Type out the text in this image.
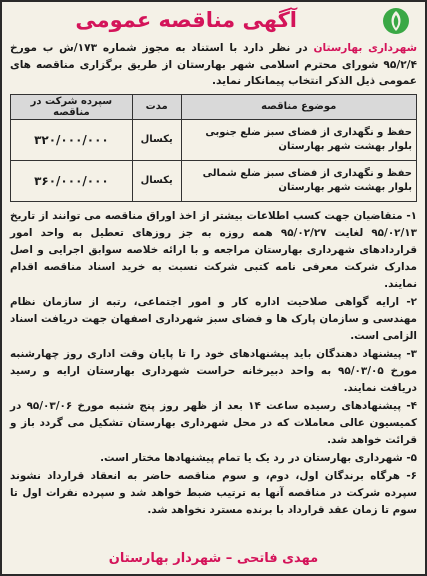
آگهی مناقصه عمومی
شهرداری بهارستان در نظر دارد با استناد به مجوز شماره ۱۷۳/ش ب مورخ ۹۵/۲/۴ شورای محترم اسلامی شهر بهارستان از طریق برگزاری مناقصه های عمومی ذیل الذکر انتخاب پیمانکار نماید.
موضوع مناقصه	مدت	سپرده شرکت در مناقصه
حفظ و نگهداری از فضای سبز ضلع جنوبی بلوار بهشت شهر بهارستان	یکسال	۳۲۰/۰۰۰/۰۰۰
حفظ و نگهداری از فضای سبز ضلع شمالی بلوار بهشت شهر بهارستان	یکسال	۳۶۰/۰۰۰/۰۰۰

۱- متقاضیان جهت کسب اطلاعات بیشتر از اخذ اوراق مناقصه می توانند از تاریخ ۹۵/۰۲/۱۳ لغایت ۹۵/۰۲/۲۷ همه روزه به جز روزهای تعطیل به واحد امور قراردادهای شهرداری بهارستان مراجعه و با ارائه خلاصه سوابق اجرایی و اصل مدارک شرکت معرفی نامه کتبی شرکت نسبت به خرید اسناد مناقصه اقدام نمایند.

۲- ارایه گواهی صلاحیت اداره کار و امور اجتماعی، رتبه از سازمان نظام مهندسی و سازمان پارک ها و فضای سبز شهرداری اصفهان جهت دریافت اسناد الزامی است.

۳- پیشنهاد دهندگان باید پیشنهادهای خود را تا پایان وقت اداری روز چهارشنبه مورخ ۹۵/۰۳/۰۵ به واحد دبیرخانه حراست شهرداری بهارستان ارایه و رسید دریافت نمایند.

۴- پیشنهادهای رسیده ساعت ۱۴ بعد از ظهر روز پنج شنبه مورخ ۹۵/۰۳/۰۶ در کمیسیون عالی معاملات که در محل شهرداری بهارستان تشکیل می گردد باز و قرائت خواهد شد.

۵- شهرداری بهارستان در رد یک یا تمام پیشنهادها مختار است.

۶- هرگاه برندگان اول، دوم، و سوم مناقصه حاضر به انعقاد قرارداد نشوند سپرده شرکت در مناقصه آنها به ترتیب ضبط خواهد شد و سپرده نفرات اول تا سوم تا زمان عقد قرارداد با برنده مسترد نخواهد شد.

مهدی فاتحی – شهردار بهارستان
